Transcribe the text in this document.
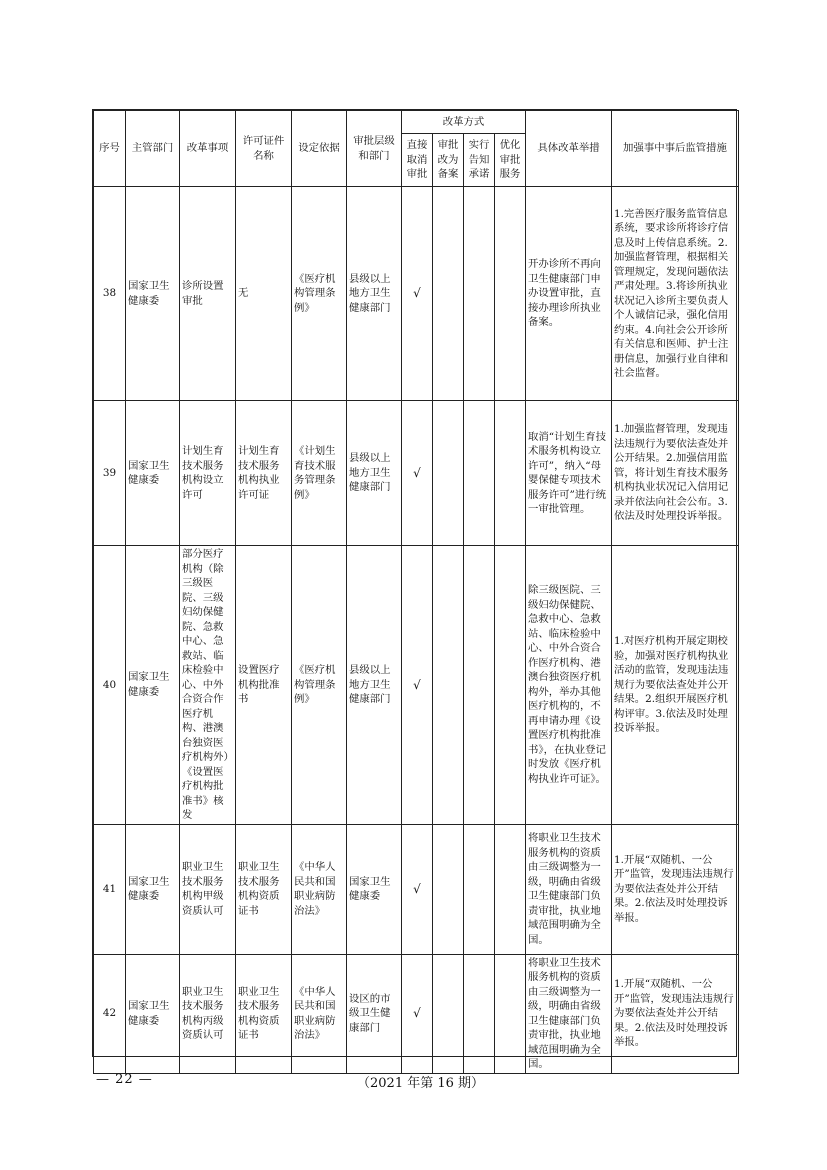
序号	主管部门	改革事项	许可证件名称	设定依据	审批层级和部门	改革方式				具体改革举措	加强事中事后监管措施
						直接取消审批	审批改为备案	实行告知承诺	优化审批服务		
38	国家卫生健康委	诊所设置审批	无	《医疗机构管理条例》	县级以上地方卫生健康部门	√				开办诊所不再向卫生健康部门申办设置审批，直接办理诊所执业备案。	1.完善医疗服务监管信息系统，要求诊所将诊疗信息及时上传信息系统。2.加强监督管理，根据相关管理规定，发现问题依法严肃处理。3.将诊所执业状况记入诊所主要负责人个人诚信记录，强化信用约束。4.向社会公开诊所有关信息和医师、护士注册信息，加强行业自律和社会监督。
39	国家卫生健康委	计划生育技术服务机构设立许可	计划生育技术服务机构执业许可证	《计划生育技术服务管理条例》	县级以上地方卫生健康部门	√				取消“计划生育技术服务机构设立许可”，纳入“母婴保健专项技术服务许可”进行统一审批管理。	1.加强监督管理，发现违法违规行为要依法查处并公开结果。2.加强信用监管，将计划生育技术服务机构执业状况记入信用记录并依法向社会公布。3.依法及时处理投诉举报。
40	国家卫生健康委	部分医疗机构（除三级医院、三级妇幼保健院、急救中心、急救站、临床检验中心、中外合资合作医疗机构、港澳台独资医疗机构外）《设置医疗机构批准书》核发	设置医疗机构批准书	《医疗机构管理条例》	县级以上地方卫生健康部门	√				除三级医院、三级妇幼保健院、急救中心、急救站、临床检验中心、中外合资合作医疗机构、港澳台独资医疗机构外，举办其他医疗机构的，不再申请办理《设置医疗机构批准书》，在执业登记时发放《医疗机构执业许可证》。	1.对医疗机构开展定期校验，加强对医疗机构执业活动的监管，发现违法违规行为要依法查处并公开结果。2.组织开展医疗机构评审。3.依法及时处理投诉举报。
41	国家卫生健康委	职业卫生技术服务机构甲级资质认可	职业卫生技术服务机构资质证书	《中华人民共和国职业病防治法》	国家卫生健康委	√				将职业卫生技术服务机构的资质由三级调整为一级，明确由省级卫生健康部门负责审批，执业地域范围明确为全国。	1.开展“双随机、一公开”监管，发现违法违规行为要依法查处并公开结果。2.依法及时处理投诉举报。
42	国家卫生健康委	职业卫生技术服务机构丙级资质认可	职业卫生技术服务机构资质证书	《中华人民共和国职业病防治法》	设区的市级卫生健康部门	√				将职业卫生技术服务机构的资质由三级调整为一级，明确由省级卫生健康部门负责审批，执业地域范围明确为全国。	1.开展“双随机、一公开”监管，发现违法违规行为要依法查处并公开结果。2.依法及时处理投诉举报。
— 22 —	（2021 年第 16 期）
